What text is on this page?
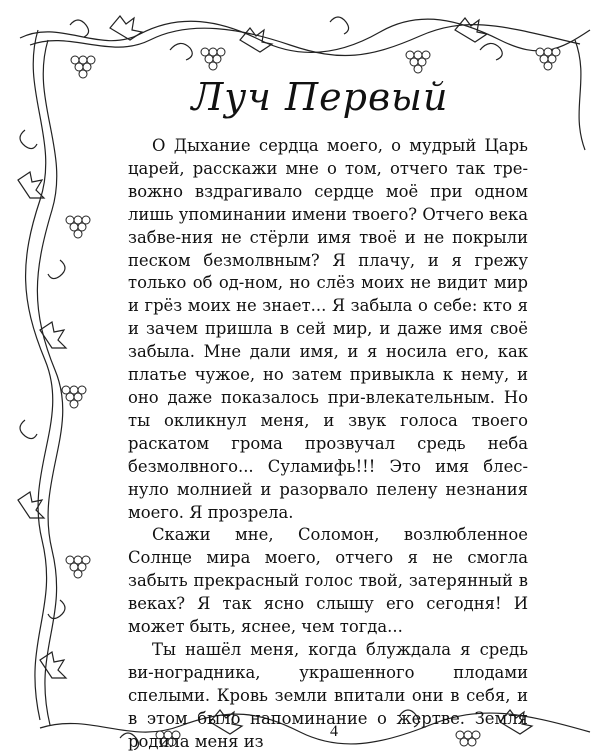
Луч Первый

О Дыхание сердца моего, о мудрый Царь царей, расскажи мне о том, отчего так тре-вожно вздрагивало сердце моё при одном лишь упоминании имени твоего? Отчего века забве-ния не стёрли имя твоё и не покрыли песком безмолвным? Я плачу, и я грежу только об од-ном, но слёз моих не видит мир и грёз моих не знает... Я забыла о себе: кто я и зачем пришла в сей мир, и даже имя своё забыла. Мне дали имя, и я носила его, как платье чужое, но затем привыкла к нему, и оно даже показалось при-влекательным. Но ты окликнул меня, и звук голоса твоего раскатом грома прозвучал средь неба безмолвного... Суламифь!!! Это имя блес-нуло молнией и разорвало пелену незнания моего. Я прозрела.

Скажи мне, Соломон, возлюбленное Солнце мира моего, отчего я не смогла забыть прекрасный голос твой, затерянный в веках? Я так ясно слышу его сегодня! И может быть, яснее, чем тогда...

Ты нашёл меня, когда блуждала я средь ви-ноградника, украшенного плодами спелыми. Кровь земли впитали они в себя, и в этом было напоминание о жертве. Земля родила меня из

4
